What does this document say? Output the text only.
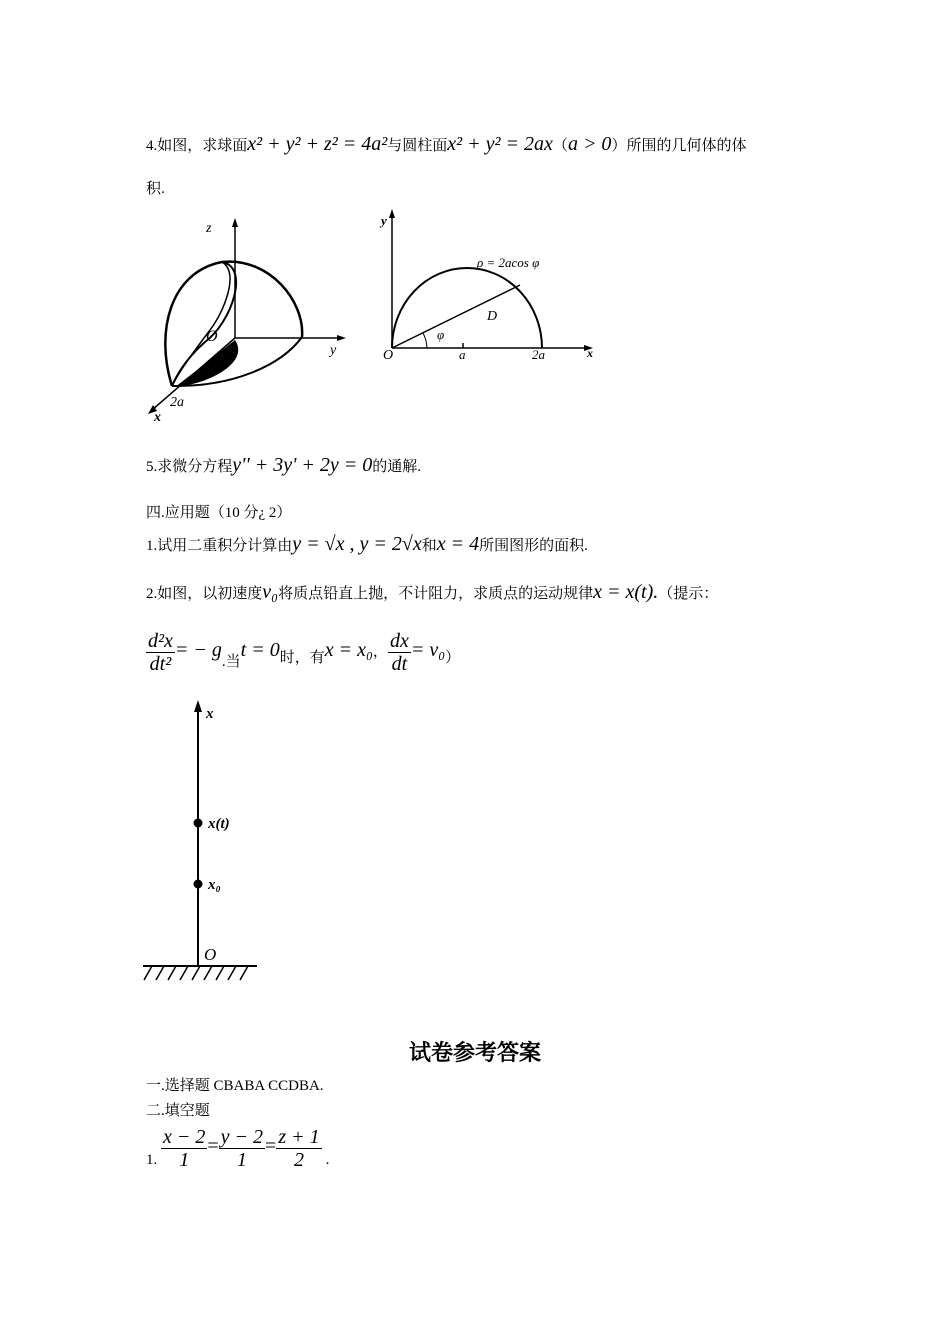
4.如图，求球面x² + y² + z² = 4a²与圆柱面x² + y² = 2ax（a > 0）所围的几何体的体
积.
z
y
x
O
2a
y
x
O	a	2a
ρ = 2acos φ
D
φ
5.求微分方程y'' + 3y' + 2y = 0的通解.
四.应用题（10 分¿ 2）
1.试用二重积分计算由y = √x , y = 2√x和x = 4所围图形的面积.
2.如图，以初速度v₀将质点铅直上抛，不计阻力，求质点的运动规律x = x(t).（提示：
$\frac{\text{d²x}}{\text{dt²}}$ = − g.当t = 0时，有x = x₀， $\frac{dx}{dt} = v_0$）
x
x(t)
x₀
O
试卷参考答案
一.选择题 CBABA CCDBA.
二.填空题
1. $\frac{x - 2}{1} = \frac{y - 2}{1} = \frac{z + 1}{2}$ .
